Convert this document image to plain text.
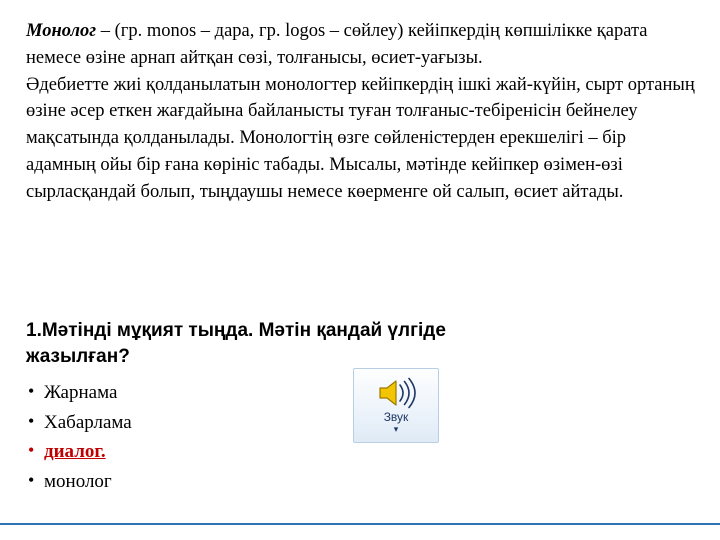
Монолог – (гр. monos – дара, гр. logos – сөйлеу) кейіпкердің көпшілікке қарата немесе өзіне арнап айтқан сөзі, толғанысы, өсиет-уағызы.

Әдебиетте жиі қолданылатын монологтер кейіпкердің ішкі жай-күйін, сырт ортаның өзіне әсер еткен жағдайына байланысты туған толғаныс-тебіренісін бейнелеу мақсатында қолданылады. Монологтің өзге сөйленістерден ерекшелігі – бір адамның ойы бір ғана көрініс табады. Мысалы, мәтінде кейіпкер өзімен-өзі сырласқандай болып, тыңдаушы немесе көерменге ой салып, өсиет айтады.

1.Мәтінді мұқият тыңда. Мәтін қандай үлгіде жазылған?

• Жарнама
• Хабарлама
• диалог.
• монолог
Звук
▾
